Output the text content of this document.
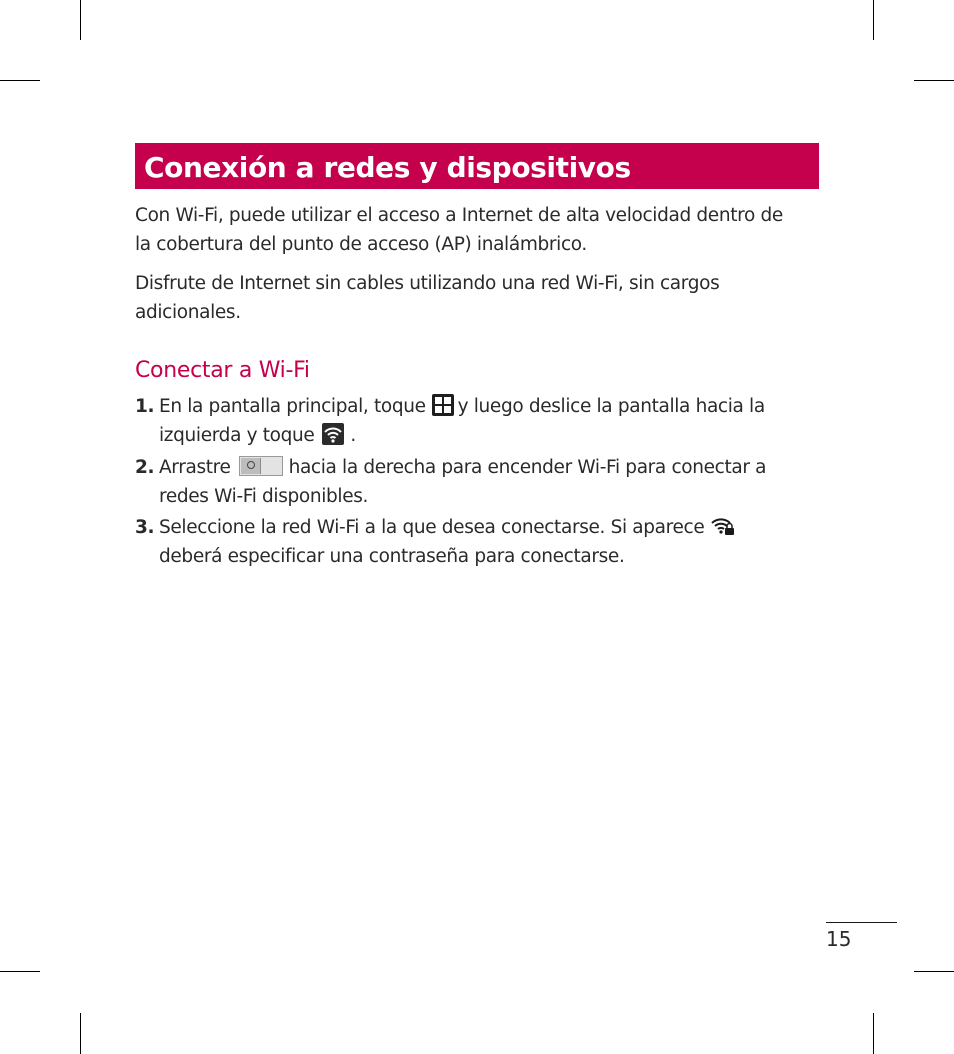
Conexión a redes y dispositivos

Con Wi-Fi, puede utilizar el acceso a Internet de alta velocidad dentro de
la cobertura del punto de acceso (AP) inalámbrico.

Disfrute de Internet sin cables utilizando una red Wi-Fi, sin cargos
adicionales.

Conectar a Wi-Fi
1. En la pantalla principal, toque y luego deslice la pantalla hacia la
izquierda y toque .
2. Arrastre	hacia la derecha para encender Wi-Fi para conectar a
redes Wi-Fi disponibles.
3. Seleccione la red Wi-Fi a la que desea conectarse. Si aparece
deberá especificar una contraseña para conectarse.
15
